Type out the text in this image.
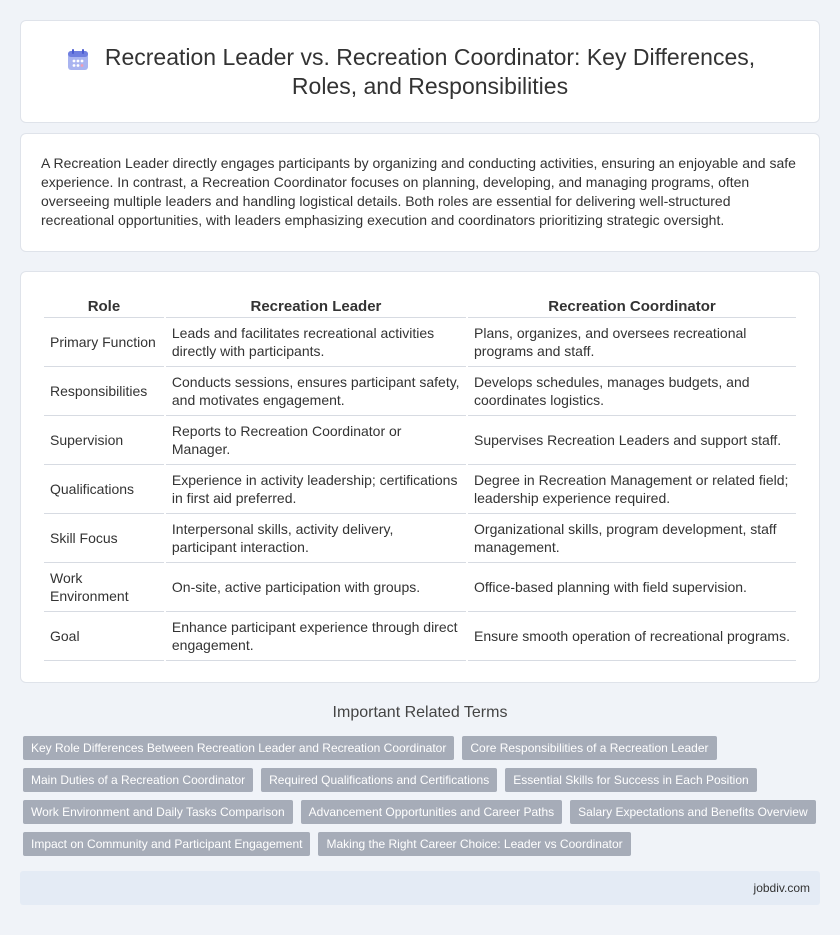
Recreation Leader vs. Recreation Coordinator: Key Differences, Roles, and Responsibilities

A Recreation Leader directly engages participants by organizing and conducting activities, ensuring an enjoyable and safe experience. In contrast, a Recreation Coordinator focuses on planning, developing, and managing programs, often overseeing multiple leaders and handling logistical details. Both roles are essential for delivering well-structured recreational opportunities, with leaders emphasizing execution and coordinators prioritizing strategic oversight.

Role	Recreation Leader	Recreation Coordinator
Primary Function	Leads and facilitates recreational activities directly with participants.	Plans, organizes, and oversees recreational programs and staff.
Responsibilities	Conducts sessions, ensures participant safety, and motivates engagement.	Develops schedules, manages budgets, and coordinates logistics.
Supervision	Reports to Recreation Coordinator or Manager.	Supervises Recreation Leaders and support staff.
Qualifications	Experience in activity leadership; certifications in first aid preferred.	Degree in Recreation Management or related field; leadership experience required.
Skill Focus	Interpersonal skills, activity delivery, participant interaction.	Organizational skills, program development, staff management.
Work Environment	On-site, active participation with groups.	Office-based planning with field supervision.
Goal	Enhance participant experience through direct engagement.	Ensure smooth operation of recreational programs.
Important Related Terms
Key Role Differences Between Recreation Leader and Recreation Coordinator	Core Responsibilities of a Recreation Leader
Main Duties of a Recreation Coordinator	Required Qualifications and Certifications	Essential Skills for Success in Each Position
Work Environment and Daily Tasks Comparison	Advancement Opportunities and Career Paths	Salary Expectations and Benefits Overview
Impact on Community and Participant Engagement	Making the Right Career Choice: Leader vs Coordinator
jobdiv.com
